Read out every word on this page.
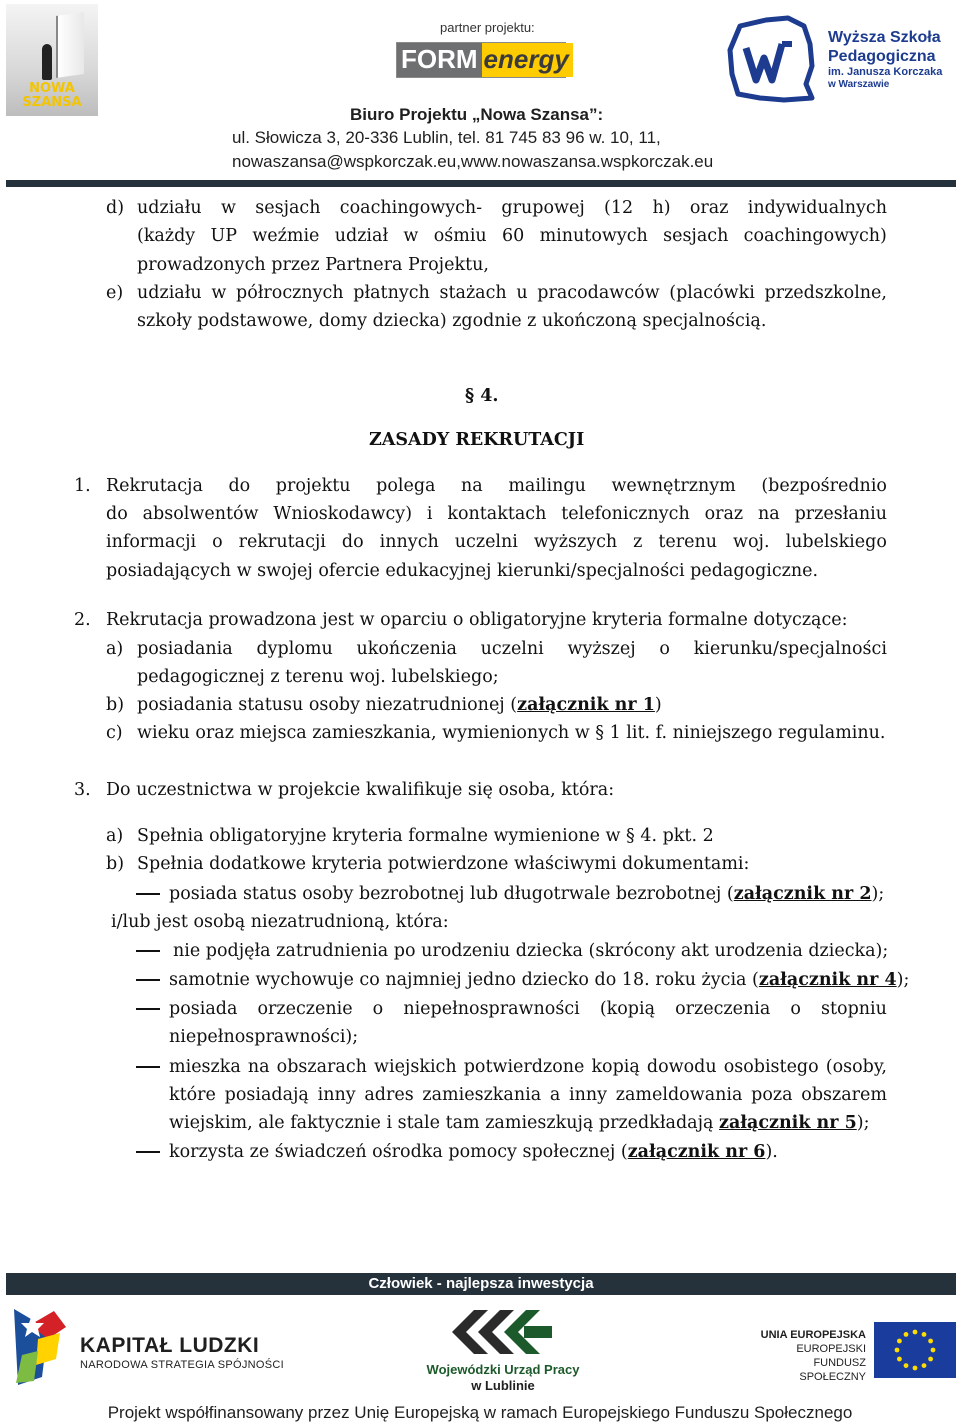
NOWA SZANSA
partner projektu:
FORM energy
Wyższa Szkoła
Pedagogiczna
im. Janusza Korczaka
w Warszawie
Biuro Projektu „Nowa Szansa”:
ul. Słowicza 3, 20-336 Lublin, tel. 81 745 83 96 w. 10, 11,
nowaszansa@wspkorczak.eu,www.nowaszansa.wspkorczak.eu
d) udziału w sesjach coachingowych- grupowej (12 h) oraz indywidualnych
(każdy UP weźmie udział w ośmiu 60 minutowych sesjach coachingowych)
prowadzonych przez Partnera Projektu,
e) udziału w półrocznych płatnych stażach u pracodawców (placówki przedszkolne,
szkoły podstawowe, domy dziecka) zgodnie z ukończoną specjalnością.
§ 4.
ZASADY REKRUTACJI
1. Rekrutacja do projektu polega na mailingu wewnętrznym (bezpośrednio
do absolwentów Wnioskodawcy) i kontaktach telefonicznych oraz na przesłaniu
informacji o rekrutacji do innych uczelni wyższych z terenu woj. lubelskiego
posiadających w swojej ofercie edukacyjnej kierunki/specjalności pedagogiczne.
2. Rekrutacja prowadzona jest w oparciu o obligatoryjne kryteria formalne dotyczące:
a) posiadania dyplomu ukończenia uczelni wyższej o kierunku/specjalności
pedagogicznej z terenu woj. lubelskiego;
b) posiadania statusu osoby niezatrudnionej (załącznik nr 1)
c) wieku oraz miejsca zamieszkania, wymienionych w § 1 lit. f. niniejszego regulaminu.
3. Do uczestnictwa w projekcie kwalifikuje się osoba, która:
a) Spełnia obligatoryjne kryteria formalne wymienione w § 4. pkt. 2
b) Spełnia dodatkowe kryteria potwierdzone właściwymi dokumentami:
posiada status osoby bezrobotnej lub długotrwale bezrobotnej (załącznik nr 2);
i/lub jest osobą niezatrudnioną, która:
nie podjęła zatrudnienia po urodzeniu dziecka (skrócony akt urodzenia dziecka);
samotnie wychowuje co najmniej jedno dziecko do 18. roku życia (załącznik nr 4);
posiada orzeczenie o niepełnosprawności (kopią orzeczenia o stopniu
niepełnosprawności);
mieszka na obszarach wiejskich potwierdzone kopią dowodu osobistego (osoby,
które posiadają inny adres zamieszkania a inny zameldowania poza obszarem
wiejskim, ale faktycznie i stale tam zamieszkują przedkładają załącznik nr 5);
korzysta ze świadczeń ośrodka pomocy społecznej (załącznik nr 6).
Człowiek - najlepsza inwestycja
KAPITAŁ LUDZKI
NARODOWA STRATEGIA SPÓJNOŚCI	Wojewódzki Urząd Pracy
w Lublinie
UNIA EUROPEJSKA
EUROPEJSKI
FUNDUSZ SPOŁECZNY
Projekt współfinansowany przez Unię Europejską w ramach Europejskiego Funduszu Społecznego
